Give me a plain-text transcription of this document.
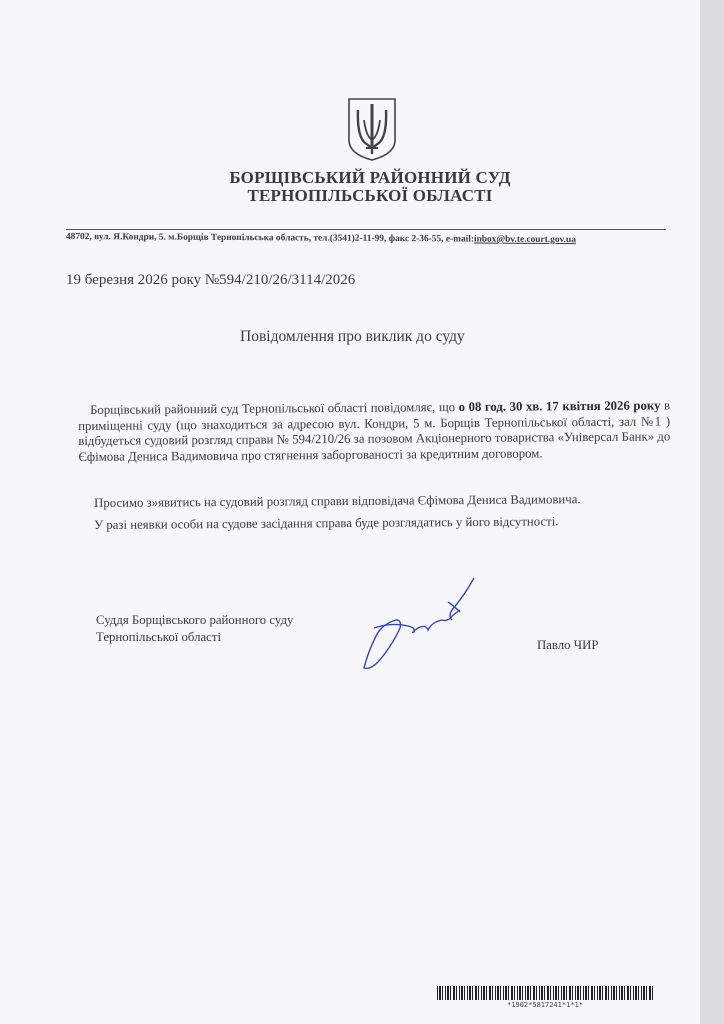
БОРЩІВСЬКИЙ РАЙОННИЙ СУД
ТЕРНОПІЛЬСЬКОЇ ОБЛАСТІ
48702, вул. Я.Кондри, 5. м.Борщів Тернопільська область, тел.(3541)2-11-99, факс 2-36-55, e-mail:inbox@bv.te.court.gov.ua
19 березня 2026 року №594/210/26/3114/2026
Повідомлення про виклик до суду
Борщівський районний суд Тернопільської області повідомляє, що о 08 год. 30 хв. 17 квітня 2026 року в приміщенні суду (що знаходиться за адресою вул. Кондри, 5 м. Борщів Тернопільської області, зал №1 ) відбудеться судовий розгляд справи № 594/210/26 за позовом Акціонерного товариства «Універсал Банк» до Єфімова Дениса Вадимовича про стягнення заборгованості за кредитним договором.
Просимо з»явитись на судовий розгляд справи відповідача Єфімова Дениса Вадимовича.
У разі неявки особи на судове засідання справа буде розглядатись у його відсутності.
Суддя Борщівського районного суду
Тернопільської області
Павло ЧИР
*1902*5817241*1*1*
